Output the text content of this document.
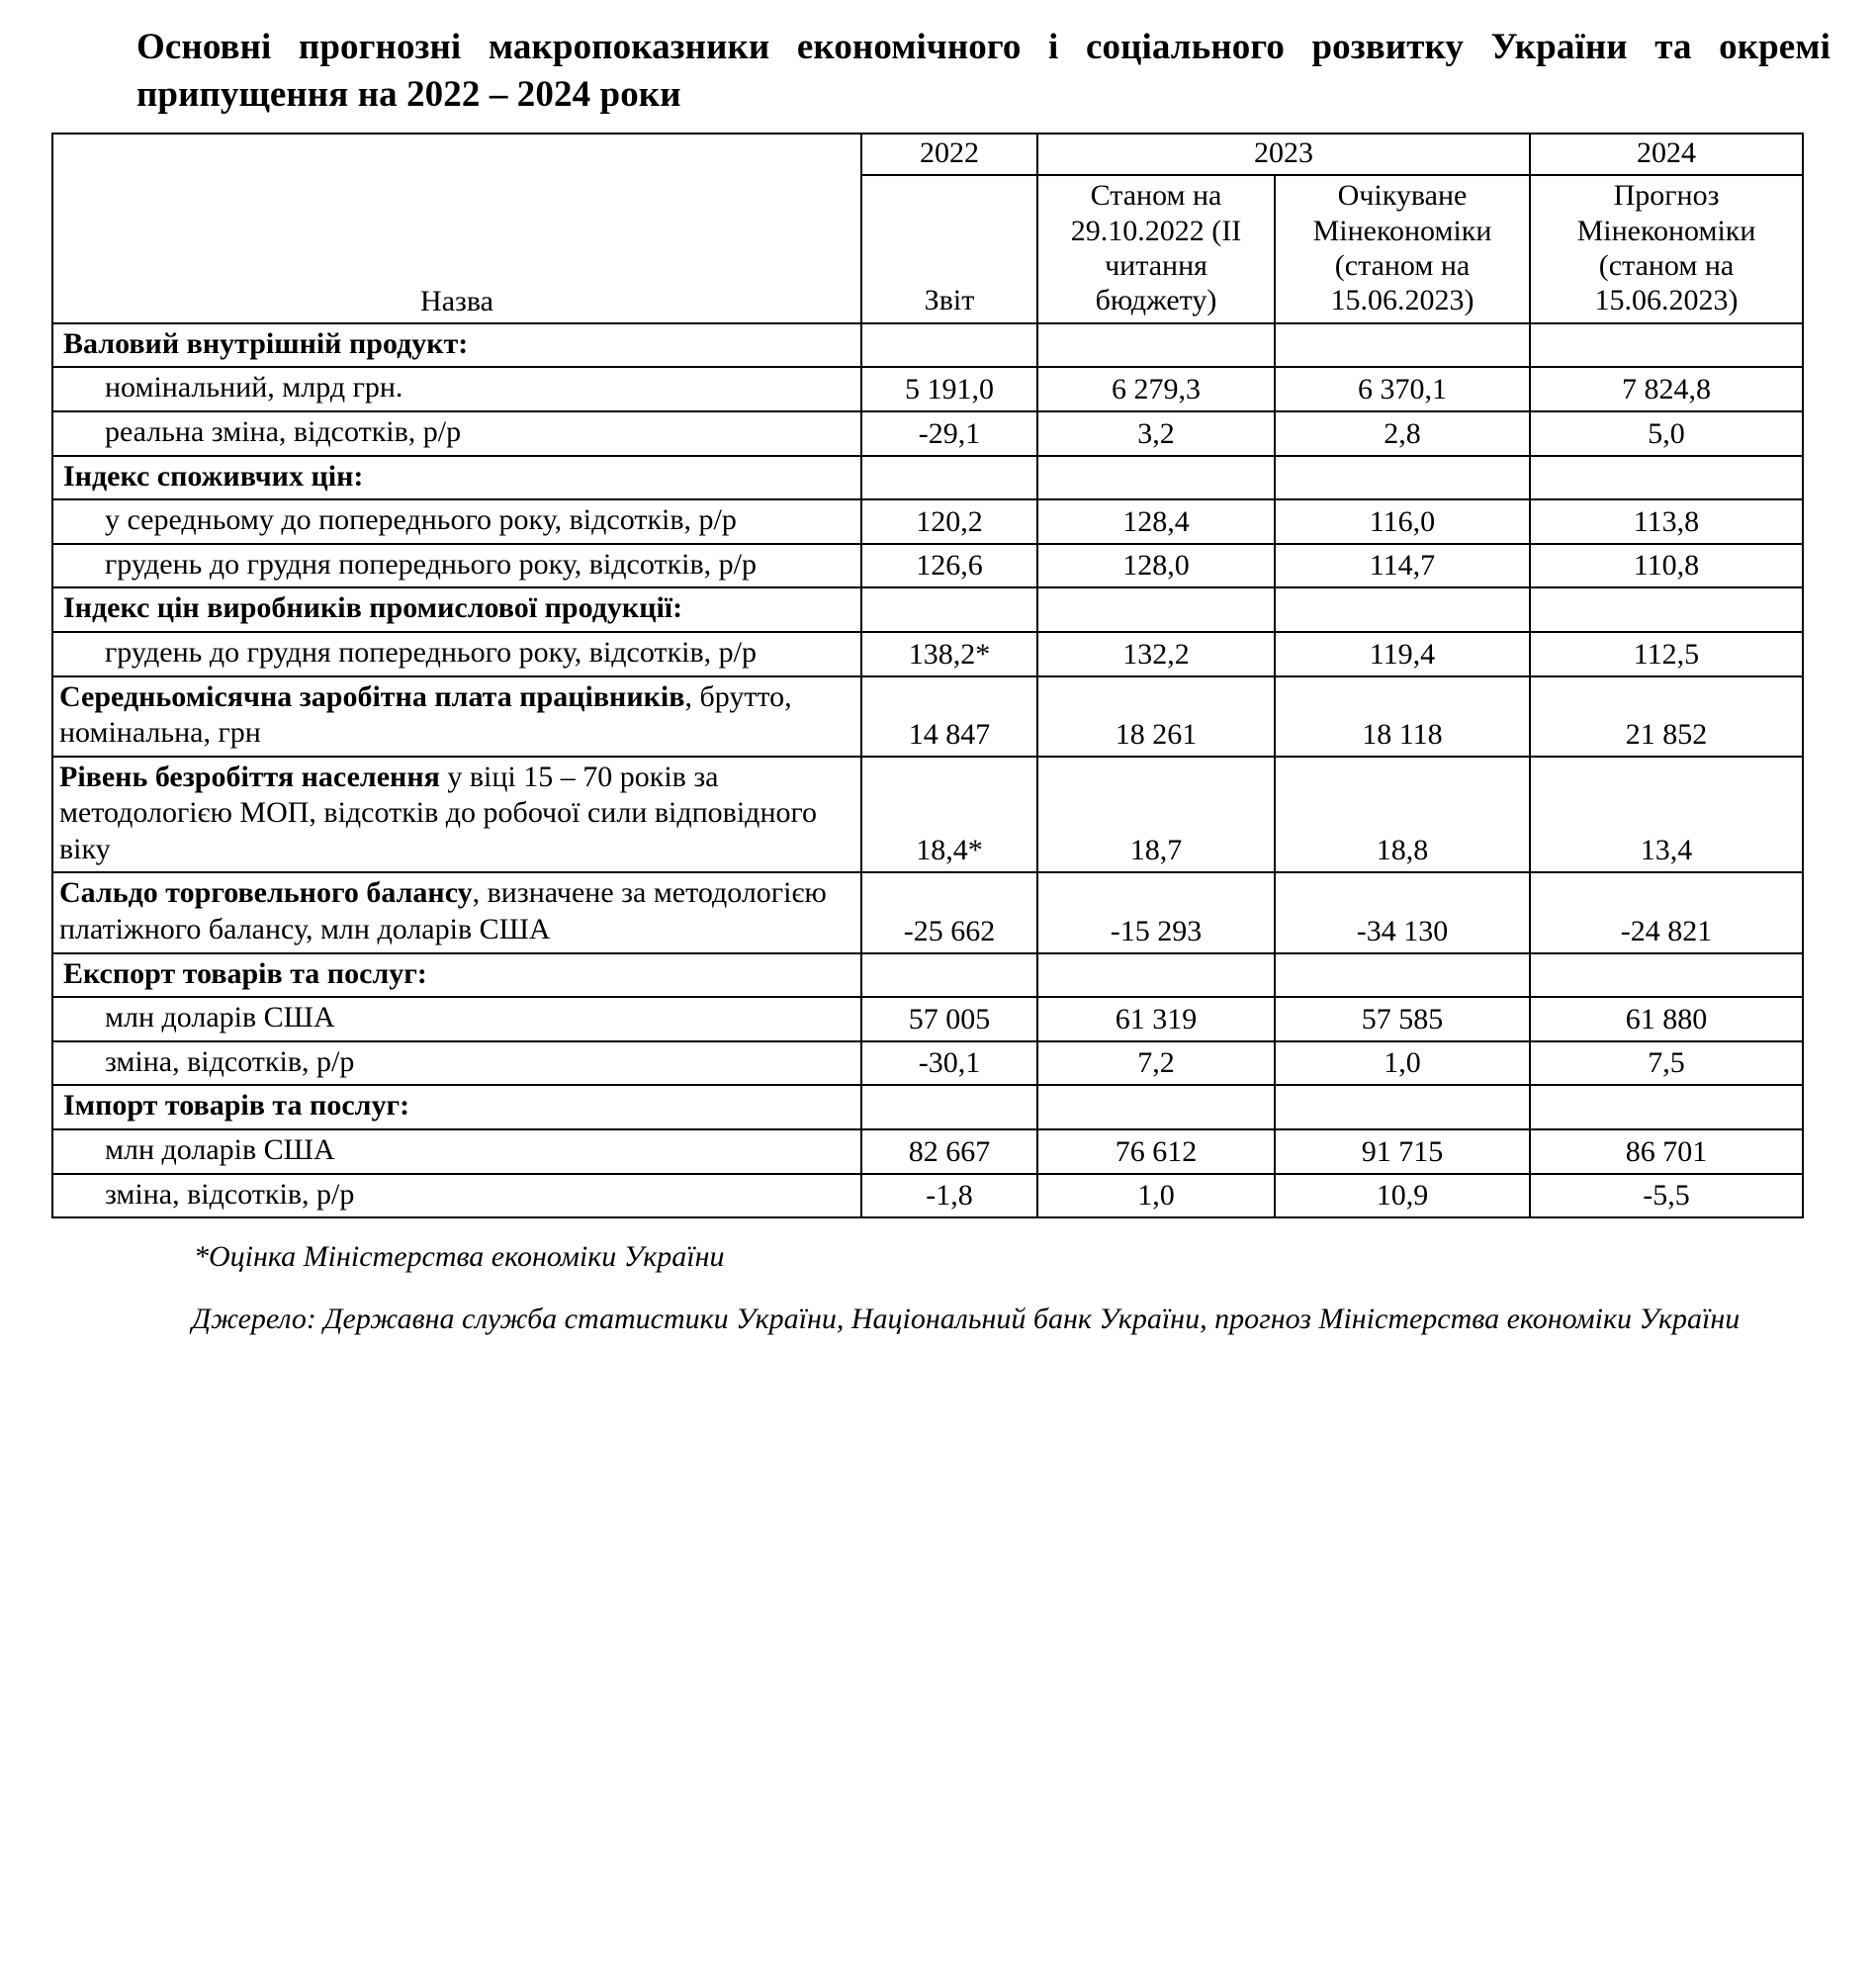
Основні прогнозні макропоказники економічного і соціального розвитку України та окремі припущення на 2022 – 2024 роки
Назва	2022	2023		2024
	Звіт	Станом на 29.10.2022 (ІІ читання бюджету)	Очікуване Мінекономіки (станом на 15.06.2023)	Прогноз Мінекономіки (станом на 15.06.2023)
Валовий внутрішній продукт:				
номінальний, млрд грн.	5 191,0	6 279,3	6 370,1	7 824,8
реальна зміна, відсотків, р/р	-29,1	3,2	2,8	5,0
Індекс споживчих цін:				
у середньому до попереднього року, відсотків, р/р	120,2	128,4	116,0	113,8
грудень до грудня попереднього року, відсотків, р/р	126,6	128,0	114,7	110,8
Індекс цін виробників промислової продукції:				
грудень до грудня попереднього року, відсотків, р/р	138,2*	132,2	119,4	112,5
Середньомісячна заробітна плата працівників, брутто, номінальна, грн	14 847	18 261	18 118	21 852
Рівень безробіття населення у віці 15 – 70 років за методологією МОП, відсотків до робочої сили відповідного віку	18,4*	18,7	18,8	13,4
Сальдо торговельного балансу, визначене за методологією платіжного балансу, млн доларів США	-25 662	-15 293	-34 130	-24 821
Експорт товарів та послуг:				
млн доларів США	57 005	61 319	57 585	61 880
зміна, відсотків, р/р	-30,1	7,2	1,0	7,5
Імпорт товарів та послуг:				
млн доларів США	82 667	76 612	91 715	86 701
зміна, відсотків, р/р	-1,8	1,0	10,9	-5,5

*Оцінка Міністерства економіки України

Джерело: Державна служба статистики України, Національний банк України, прогноз Міністерства економіки України
